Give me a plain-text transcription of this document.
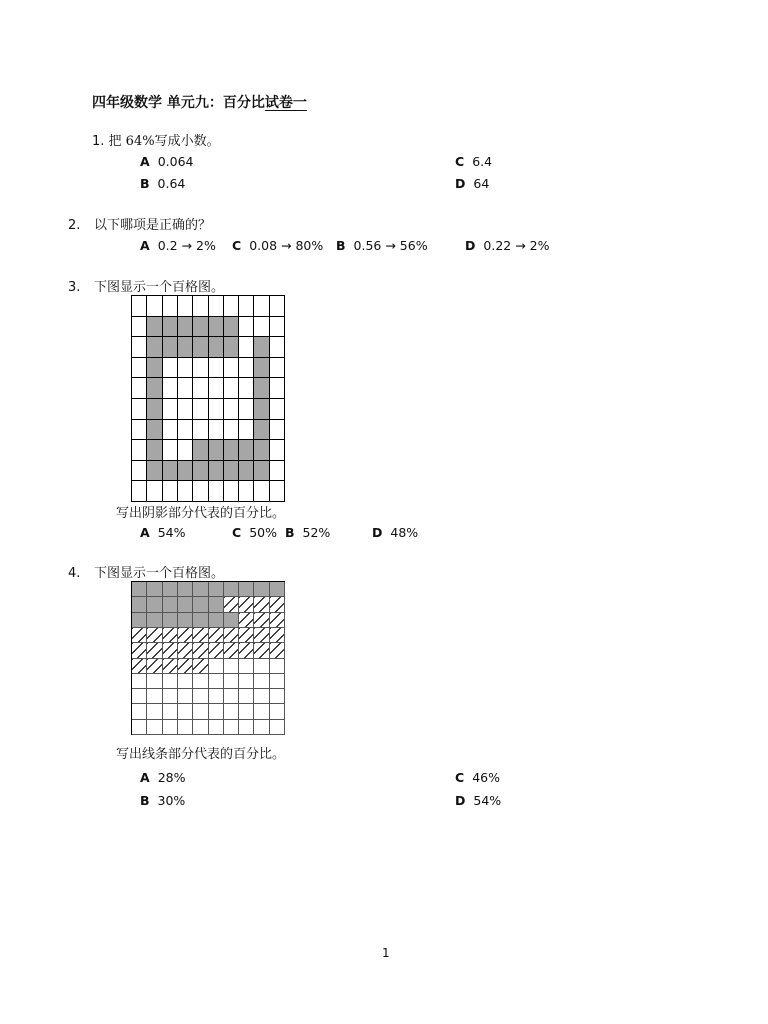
四年级数学 单元九：百分比试卷一
1. 把 64%写成小数。
A 0.064	C 6.4
B 0.64	D 64
2. 以下哪项是正确的？
A 0.2 → 2% C 0.08 → 80% B 0.56 → 56%	D 0.22 → 2%
3. 下图显示一个百格图。
写出阴影部分代表的百分比。
A 54%	C 50% B 52%	D 48%
4. 下图显示一个百格图。
写出线条部分代表的百分比。
A 28%	C 46%
B 30%	D 54%
1
